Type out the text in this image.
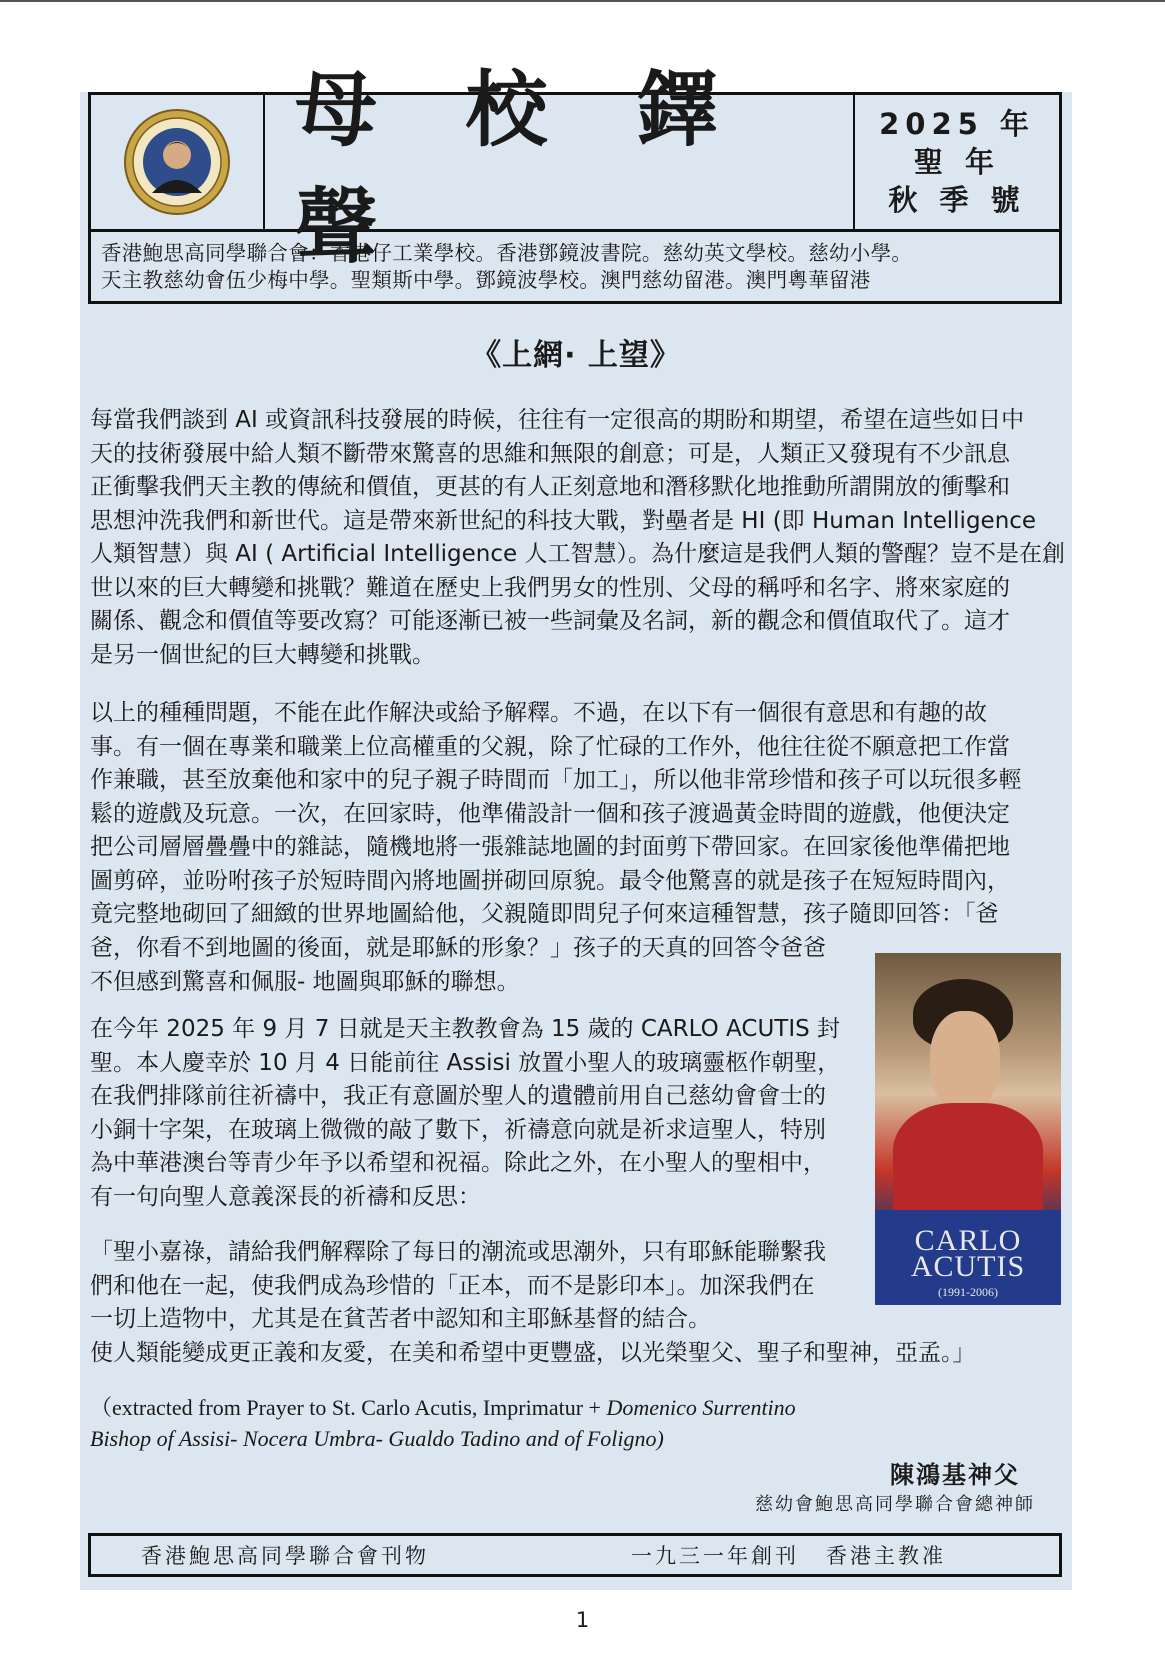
母 校 鐸 聲
2025 年
聖 年
秋 季 號
香港鮑思高同學聯合會：香港仔工業學校。香港鄧鏡波書院。慈幼英文學校。慈幼小學。
天主教慈幼會伍少梅中學。聖類斯中學。鄧鏡波學校。澳門慈幼留港。澳門粵華留港
《上網· 上望》

每當我們談到 AI 或資訊科技發展的時候，往往有一定很高的期盼和期望，希望在這些如日中
天的技術發展中給人類不斷帶來驚喜的思維和無限的創意；可是，人類正又發現有不少訊息
正衝擊我們天主教的傳統和價值，更甚的有人正刻意地和潛移默化地推動所謂開放的衝擊和
思想沖洗我們和新世代。這是帶來新世紀的科技大戰，對壘者是 HI (即 Human Intelligence
人類智慧）與 AI ( Artificial Intelligence 人工智慧）。為什麼這是我們人類的警醒？豈不是在創
世以來的巨大轉變和挑戰？難道在歷史上我們男女的性別、父母的稱呼和名字、將來家庭的
關係、觀念和價值等要改寫？可能逐漸已被一些詞彙及名詞，新的觀念和價值取代了。這才
是另一個世紀的巨大轉變和挑戰。

以上的種種問題，不能在此作解決或給予解釋。不過，在以下有一個很有意思和有趣的故
事。有一個在專業和職業上位高權重的父親，除了忙碌的工作外，他往往從不願意把工作當
作兼職，甚至放棄他和家中的兒子親子時間而「加工」，所以他非常珍惜和孩子可以玩很多輕
鬆的遊戲及玩意。一次，在回家時，他準備設計一個和孩子渡過黃金時間的遊戲，他便決定
把公司層層疊疊中的雜誌，隨機地將一張雜誌地圖的封面剪下帶回家。在回家後他準備把地
圖剪碎，並吩咐孩子於短時間內將地圖拼砌回原貌。最令他驚喜的就是孩子在短短時間內，
竟完整地砌回了細緻的世界地圖給他，父親隨即問兒子何來這種智慧，孩子隨即回答：「爸

爸，你看不到地圖的後面，就是耶穌的形象？」孩子的天真的回答令爸爸
不但感到驚喜和佩服- 地圖與耶穌的聯想。

在今年 2025 年 9 月 7 日就是天主教教會為 15 歲的 CARLO ACUTIS 封
聖。本人慶幸於 10 月 4 日能前往 Assisi 放置小聖人的玻璃靈柩作朝聖，
在我們排隊前往祈禱中，我正有意圖於聖人的遺體前用自己慈幼會會士的
小銅十字架，在玻璃上微微的敲了數下，祈禱意向就是祈求這聖人，特別
為中華港澳台等青少年予以希望和祝福。除此之外，在小聖人的聖相中，
有一句向聖人意義深長的祈禱和反思：

「聖小嘉祿，請給我們解釋除了每日的潮流或思潮外，只有耶穌能聯繫我
們和他在一起，使我們成為珍惜的「正本，而不是影印本」。加深我們在
一切上造物中，尤其是在貧苦者中認知和主耶穌基督的結合。
使人類能變成更正義和友愛，在美和希望中更豐盛，以光榮聖父、聖子和聖神，亞孟。」

CARLO
ACUTIS
(1991-2006)
（extracted from Prayer to St. Carlo Acutis, Imprimatur + Domenico Surrentino
Bishop of Assisi- Nocera Umbra- Gualdo Tadino and of Foligno)
陳鴻基神父
慈幼會鮑思高同學聯合會總神師
香港鮑思高同學聯合會刊物	一九三一年創刊 香港主教准
1
